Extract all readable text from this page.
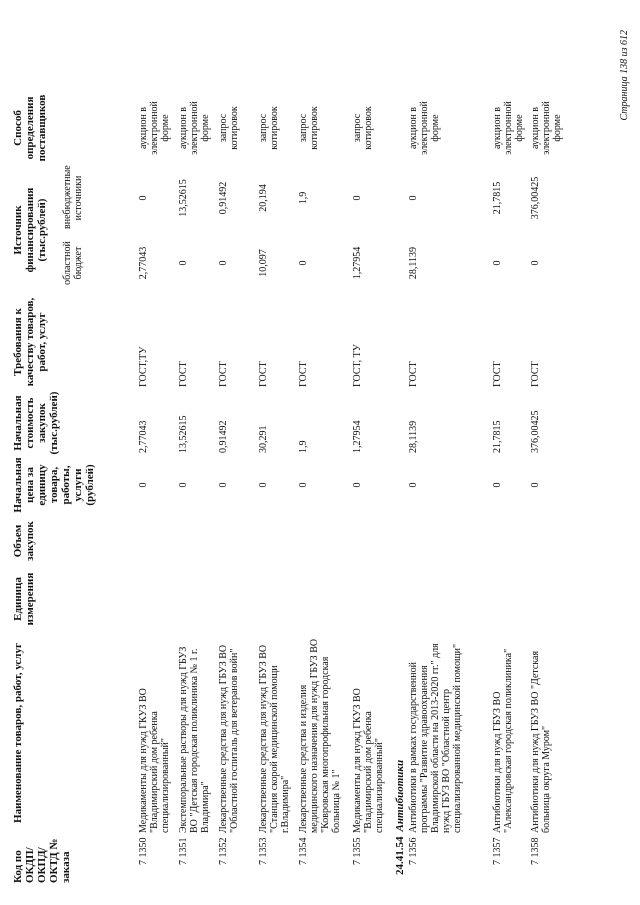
Код по ОКДП/ ОКПД/ ОКТД № заказа
Наименование товаров, работ, услуг
Единица измерения
Объем закупок
Начальная цена за единицу товара, работы, услуги (рублей)
Начальная стоимость закупок (тыс.рублей)
Требования к качеству товаров, работ, услуг
Источник финансирования (тыс.рублей)
областной бюджет
внебюджетные источники
Способ определения поставщиков
7 1350
Медикаменты для нужд ГКУЗ ВО "Владимирский дом ребенка специализированный"
0
2,77043
ГОСТ,ТУ
2,77043
0
аукцион в электронной форме
7 1351
Экстемпоральные растворы для нужд ГБУЗ ВО "Детская городская поликлиника № 1 г. Владимира"
0
13,52615
ГОСТ
0
13,52615
аукцион в электронной форме
7 1352
Лекарственные средства для нужд ГБУЗ ВО "Областной госпиталь для ветеранов войн"
0
0,91492
ГОСТ
0
0,91492
запрос котировок
7 1353
Лекарственные средства для нужд ГБУЗ ВО "Станция скорой медицинской помощи г.Владимира"
0
30,291
ГОСТ
10,097
20,194
запрос котировок
7 1354
Лекарственные средства и изделия медицинского назначения для нужд ГБУЗ ВО "Ковровская многопрофильная городская больница № 1"
0
1,9
ГОСТ
0
1,9
запрос котировок
7 1355
Медикаменты для нужд ГКУЗ ВО "Владимирский дом ребенка специализированный"
0
1,27954
ГОСТ, ТУ
1,27954
0
запрос котировок
24.41.54Антибиотики
7 1356
Антибиотики в рамках государственной программы "Развитие здравоохранения Владимирской области на 2013-2020 гг." для нужд ГБУЗ ВО "Областной центр специализированной медицинской помощи"
0
28,1139
ГОСТ
28,1139
0
аукцион в электронной форме
7 1357
Антибиотики для нужд ГБУЗ ВО "Александровская городская поликлиника"
0
21,7815
ГОСТ
0
21,7815
аукцион в электронной форме
7 1358
Антибиотики для нужд ГБУЗ ВО "Детская больница округа Муром"
0
376,00425
ГОСТ
0
376,00425
аукцион в электронной форме
Страница 138 из 612
